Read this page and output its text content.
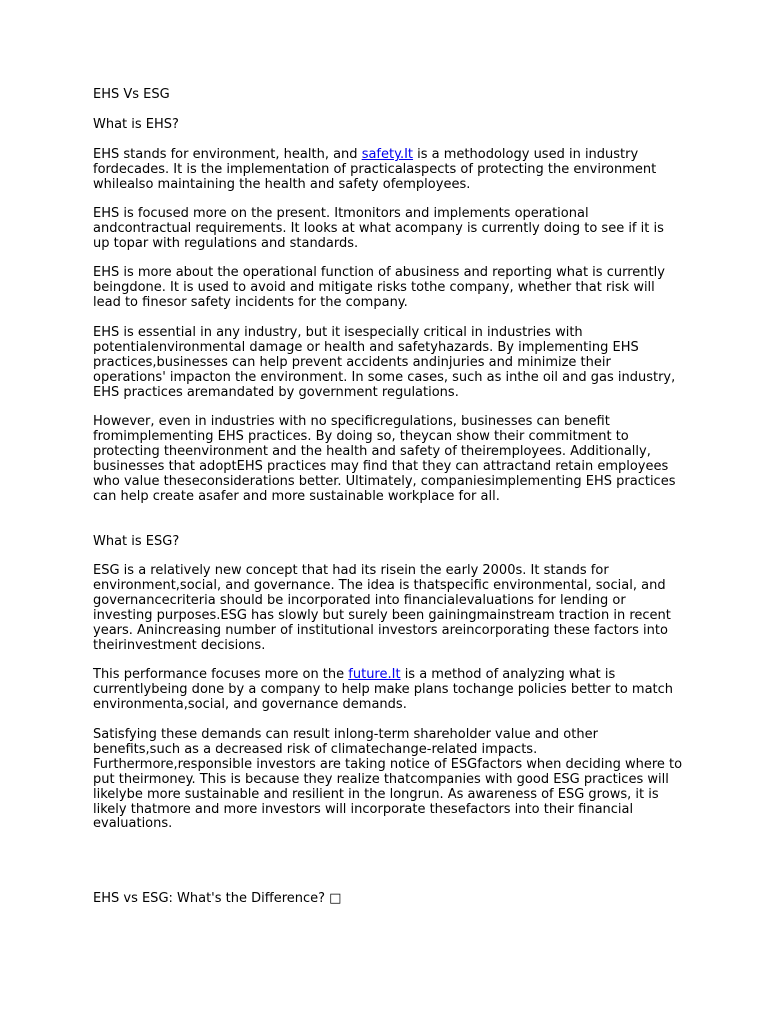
EHS Vs ESG
What is EHS?
EHS stands for environment, health, and safety.It is a methodology used in industry fordecades. It is the implementation of practicalaspects of protecting the environment whilealso maintaining the health and safety ofemployees.
EHS is focused more on the present. Itmonitors and implements operational andcontractual requirements. It looks at what acompany is currently doing to see if it is up topar with regulations and standards.
EHS is more about the operational function of abusiness and reporting what is currently beingdone. It is used to avoid and mitigate risks tothe company, whether that risk will lead to finesor safety incidents for the company.
EHS is essential in any industry, but it isespecially critical in industries with potentialenvironmental damage or health and safetyhazards. By implementing EHS practices,businesses can help prevent accidents andinjuries and minimize their operations' impacton the environment. In some cases, such as inthe oil and gas industry, EHS practices aremandated by government regulations.
However, even in industries with no specificregulations, businesses can benefit fromimplementing EHS practices. By doing so, theycan show their commitment to protecting theenvironment and the health and safety of theiremployees. Additionally, businesses that adoptEHS practices may find that they can attractand retain employees who value theseconsiderations better. Ultimately, companiesimplementing EHS practices can help create asafer and more sustainable workplace for all.
What is ESG?
ESG is a relatively new concept that had its risein the early 2000s. It stands for environment,social, and governance. The idea is thatspecific environmental, social, and governancecriteria should be incorporated into financialevaluations for lending or investing purposes.ESG has slowly but surely been gainingmainstream traction in recent years. Anincreasing number of institutional investors areincorporating these factors into theirinvestment decisions.
This performance focuses more on the future.It is a method of analyzing what is currentlybeing done by a company to help make plans tochange policies better to match environmenta,social, and governance demands.
Satisfying these demands can result inlong-term shareholder value and other benefits,such as a decreased risk of climatechange-related impacts. Furthermore,responsible investors are taking notice of ESGfactors when deciding where to put theirmoney. This is because they realize thatcompanies with good ESG practices will likelybe more sustainable and resilient in the longrun. As awareness of ESG grows, it is likely thatmore and more investors will incorporate thesefactors into their financial evaluations.
EHS vs ESG: What's the Difference? □
